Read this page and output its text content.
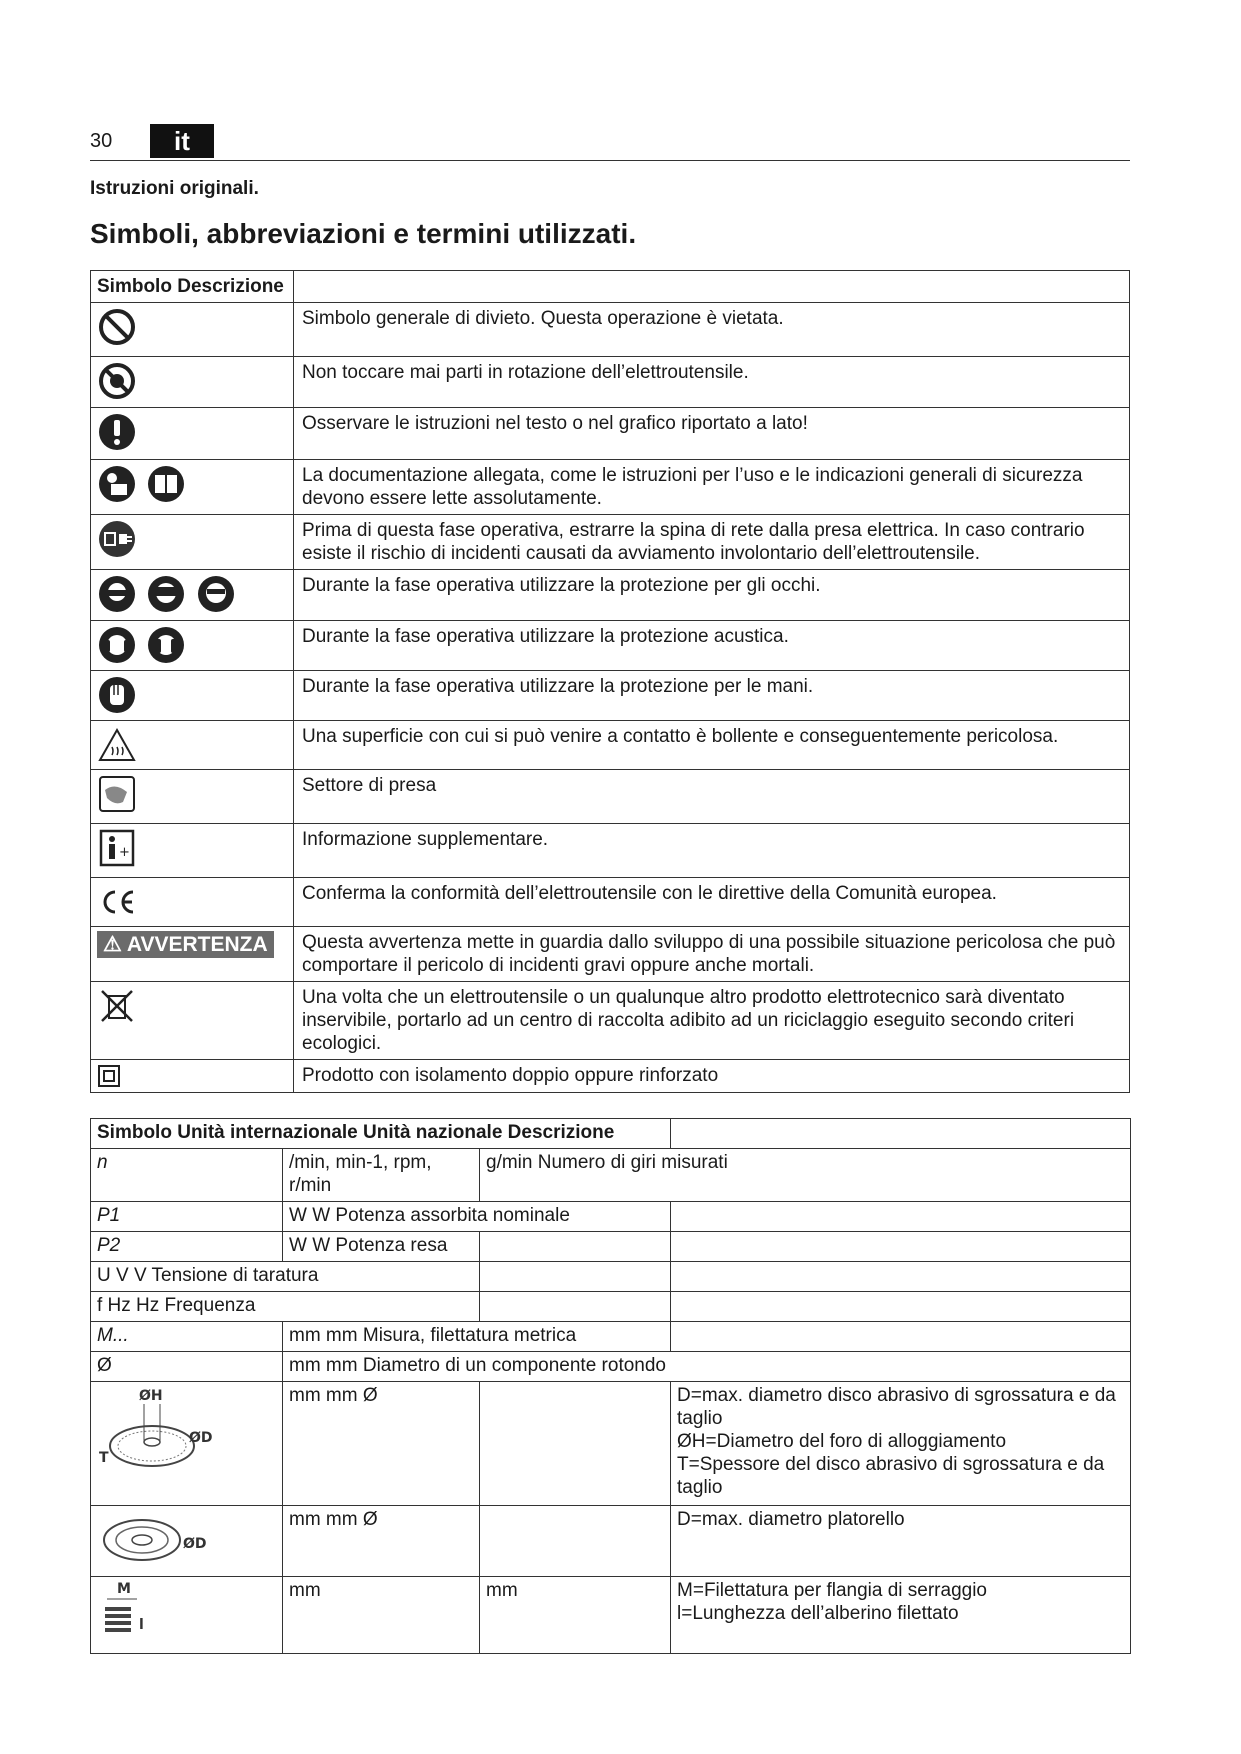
30	it
Istruzioni originali.
Simboli, abbreviazioni e termini utilizzati.
Simbolo Descrizione	
	Simbolo generale di divieto. Questa operazione è vietata.
	Non toccare mai parti in rotazione dell’elettroutensile.
	Osservare le istruzioni nel testo o nel grafico riportato a lato!
	La documentazione allegata, come le istruzioni per l’uso e le indicazioni generali di sicurezza devono essere lette assolutamente.
	Prima di questa fase operativa, estrarre la spina di rete dalla presa elettrica. In caso contrario esiste il rischio di incidenti causati da avviamento involontario dell’elettroutensile.
	Durante la fase operativa utilizzare la protezione per gli occhi.
	Durante la fase operativa utilizzare la protezione acustica.
	Durante la fase operativa utilizzare la protezione per le mani.
	Una superficie con cui si può venire a contatto è bollente e conseguentemente pericolosa.
	Settore di presa

+	Informazione supplementare.
	Conferma la conformità dell’elettroutensile con le direttive della Comunità europea.
⚠ AVVERTENZA	Questa avvertenza mette in guardia dallo sviluppo di una possibile situazione pericolosa che può comportare il pericolo di incidenti gravi oppure anche mortali.
	Una volta che un elettroutensile o un qualunque altro prodotto elettrotecnico sarà diventato inservibile, portarlo ad un centro di raccolta adibito ad un riciclaggio eseguito secondo criteri ecologici.
	Prodotto con isolamento doppio oppure rinforzato
Simbolo Unità internazionale Unità nazionale Descrizione			
n	/min, min-1, rpm, r/min	g/min Numero di giri misurati	
P1	W W Potenza assorbita nominale		
P2	W W Potenza resa		
U V V Tensione di taratura			
f Hz Hz Frequenza			
M...	mm mm Misura, filettatura metrica		
Ø	mm mm Diametro di un componente rotondo		

ØH
ØD
T	mm mm Ø		D=max. diametro disco abrasivo di sgrossatura e da taglio
ØH=Diametro del foro di alloggiamento
T=Spessore del disco abrasivo di sgrossatura e da taglio

ØD	mm mm Ø		D=max. diametro platorello

M
l	mm	mm	M=Filettatura per flangia di serraggio
l=Lunghezza dell’alberino filettato
